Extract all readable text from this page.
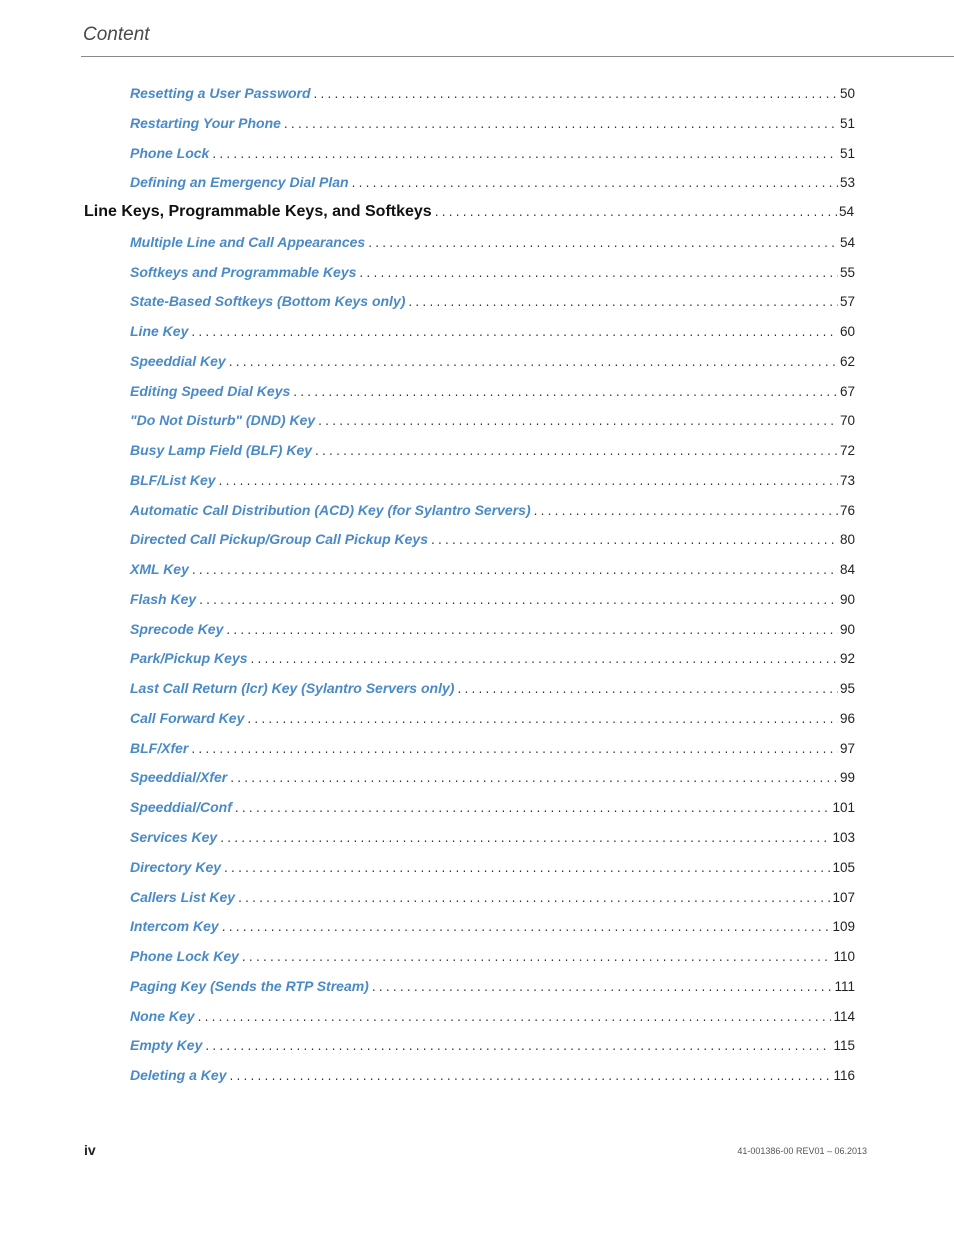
Content
Resetting a User Password .....	50
Restarting Your Phone .....	51
Phone Lock .....	51
Defining an Emergency Dial Plan .....	53
Line Keys, Programmable Keys, and Softkeys .....	54
Multiple Line and Call Appearances .....	54
Softkeys and Programmable Keys .....	55
State-Based Softkeys (Bottom Keys only) .....	57
Line Key .....	60
Speeddial Key .....	62
Editing Speed Dial Keys .....	67
"Do Not Disturb" (DND) Key .....	70
Busy Lamp Field (BLF) Key .....	72
BLF/List Key .....	73
Automatic Call Distribution (ACD) Key (for Sylantro Servers) .....	76
Directed Call Pickup/Group Call Pickup Keys .....	80
XML Key .....	84
Flash Key .....	90
Sprecode Key .....	90
Park/Pickup Keys .....	92
Last Call Return (lcr) Key (Sylantro Servers only) .....	95
Call Forward Key .....	96
BLF/Xfer .....	97
Speeddial/Xfer .....	99
Speeddial/Conf .....	101
Services Key .....	103
Directory Key .....	105
Callers List Key .....	107
Intercom Key .....	109
Phone Lock Key .....	110
Paging Key (Sends the RTP Stream) .....	111
None Key .....	114
Empty Key .....	115
Deleting a Key .....	116
iv	41-001386-00 REV01 – 06.2013
